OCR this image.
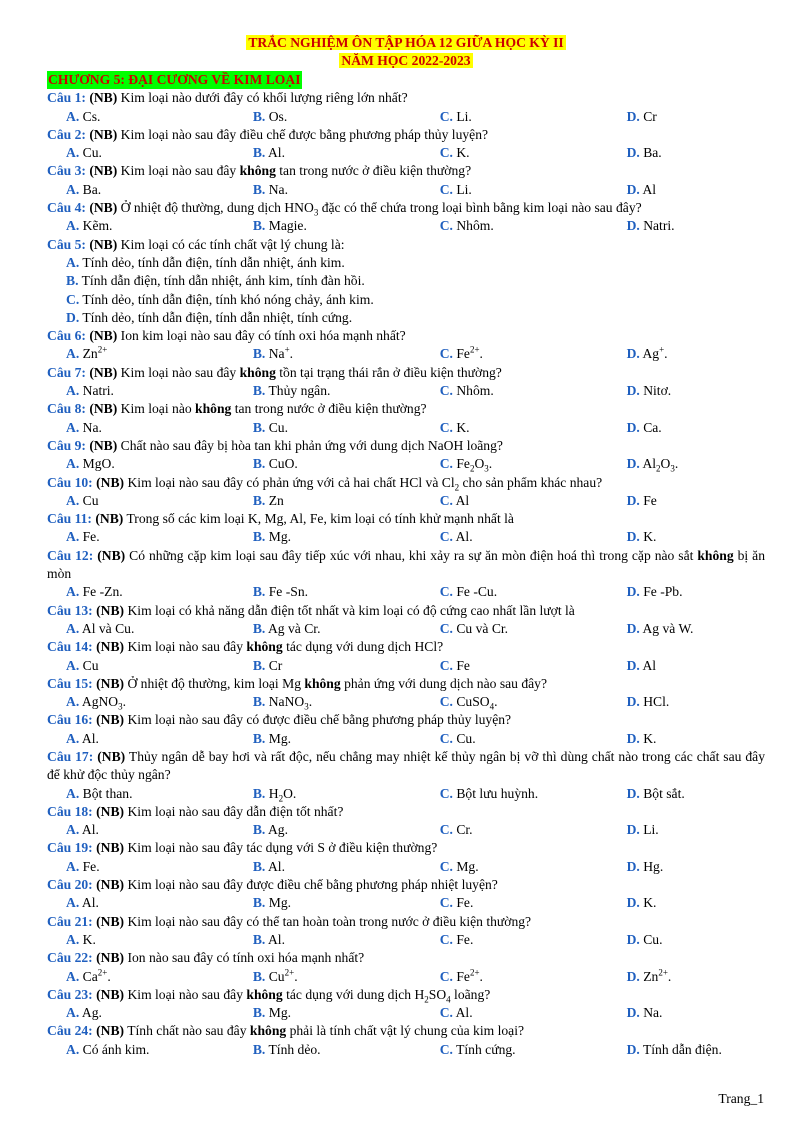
TRẮC NGHIỆM ÔN TẬP HÓA 12 GIỮA HỌC KỲ II
NĂM HỌC 2022-2023
CHƯƠNG 5: ĐẠI CƯƠNG VỀ KIM LOẠI

Câu 1: (NB) Kim loại nào dưới đây có khối lượng riêng lớn nhất?

A. Cs.	B. Os.	C. Li.	D. Cr

Câu 2: (NB) Kim loại nào sau đây điều chế được bằng phương pháp thủy luyện?

A. Cu.	B. Al.	C. K.	D. Ba.

Câu 3: (NB) Kim loại nào sau đây không tan trong nước ở điều kiện thường?

A. Ba.	B. Na.	C. Li.	D. Al

Câu 4: (NB) Ở nhiệt độ thường, dung dịch $HNO_3$ đặc có thể chứa trong loại bình bằng kim loại nào sau đây?

A. Kẽm.	B. Magie.	C. Nhôm.	D. Natri.

Câu 5: (NB) Kim loại có các tính chất vật lý chung là:

A. Tính dẻo, tính dẫn điện, tính dẫn nhiệt, ánh kim.
B. Tính dẫn điện, tính dẫn nhiệt, ánh kim, tính đàn hồi.
C. Tính dẻo, tính dẫn điện, tính khó nóng chảy, ánh kim.
D. Tính dẻo, tính dẫn điện, tính dẫn nhiệt, tính cứng.

Câu 6: (NB) Ion kim loại nào sau đây có tính oxi hóa mạnh nhất?

A. $Zn^{2+}$	B. Na+.	C. $Fe^{2+}$.	D. Ag+.

Câu 7: (NB) Kim loại nào sau đây không tồn tại trạng thái rắn ở điều kiện thường?

A. Natri.	B. Thủy ngân.	C. Nhôm.	D. Nitơ.

Câu 8: (NB) Kim loại nào không tan trong nước ở điều kiện thường?

A. Na.	B. Cu.	C. K.	D. Ca.

Câu 9: (NB) Chất nào sau đây bị hòa tan khi phản ứng với dung dịch NaOH loãng?

A. MgO.	B. CuO.	C. $Fe_2O_3$.	D. $Al_2O_3$.

Câu 10: (NB) Kim loại nào sau đây có phản ứng với cả hai chất HCl và $Cl_2$ cho sản phẩm khác nhau?

A. Cu	B. Zn	C. Al	D. Fe

Câu 11: (NB) Trong số các kim loại K, Mg, Al, Fe, kim loại có tính khử mạnh nhất là

A. Fe.	B. Mg.	C. Al.	D. K.

Câu 12: (NB) Có những cặp kim loại sau đây tiếp xúc với nhau, khi xảy ra sự ăn mòn điện hoá thì trong cặp nào sắt không bị ăn mòn

A. Fe -Zn.	B. Fe -Sn.	C. Fe -Cu.	D. Fe -Pb.

Câu 13: (NB) Kim loại có khả năng dẫn điện tốt nhất và kim loại có độ cứng cao nhất lần lượt là

A. Al và Cu.	B. Ag và Cr.	C. Cu và Cr.	D. Ag và W.

Câu 14: (NB) Kim loại nào sau đây không tác dụng với dung dịch HCl?

A. Cu	B. Cr	C. Fe	D. Al

Câu 15: (NB) Ở nhiệt độ thường, kim loại Mg không phản ứng với dung dịch nào sau đây?

A. AgNO$_3$.	B. NaNO$_3$.	C. CuSO$_4$.	D. HCl.

Câu 16: (NB) Kim loại nào sau đây có được điều chế bằng phương pháp thủy luyện?

A. Al.	B. Mg.	C. Cu.	D. K.

Câu 17: (NB) Thủy ngân dễ bay hơi và rất độc, nếu chẳng may nhiệt kế thủy ngân bị vỡ thì dùng chất nào trong các chất sau đây để khử độc thủy ngân?

A. Bột than.	B. $H_2O$.	C. Bột lưu huỳnh.	D. Bột sắt.

Câu 18: (NB) Kim loại nào sau đây dẫn điện tốt nhất?

A. Al.	B. Ag.	C. Cr.	D. Li.

Câu 19: (NB) Kim loại nào sau đây tác dụng với S ở điều kiện thường?

A. Fe.	B. Al.	C. Mg.	D. Hg.

Câu 20: (NB) Kim loại nào sau đây được điều chế bằng phương pháp nhiệt luyện?

A. Al.	B. Mg.	C. Fe.	D. K.

Câu 21: (NB) Kim loại nào sau đây có thể tan hoàn toàn trong nước ở điều kiện thường?

A. K.	B. Al.	C. Fe.	D. Cu.

Câu 22: (NB) Ion nào sau đây có tính oxi hóa mạnh nhất?

A. $Ca^{2+}$.	B. $Cu^{2+}$.	C. $Fe^{2+}$.	D. $Zn^{2+}$.

Câu 23: (NB) Kim loại nào sau đây không tác dụng với dung dịch $H_2SO_4$ loãng?

A. Ag.	B. Mg.	C. Al.	D. Na.

Câu 24: (NB) Tính chất nào sau đây không phải là tính chất vật lý chung của kim loại?

A. Có ánh kim.	B. Tính dẻo.	C. Tính cứng.	D. Tính dẫn điện.
Trang_1
